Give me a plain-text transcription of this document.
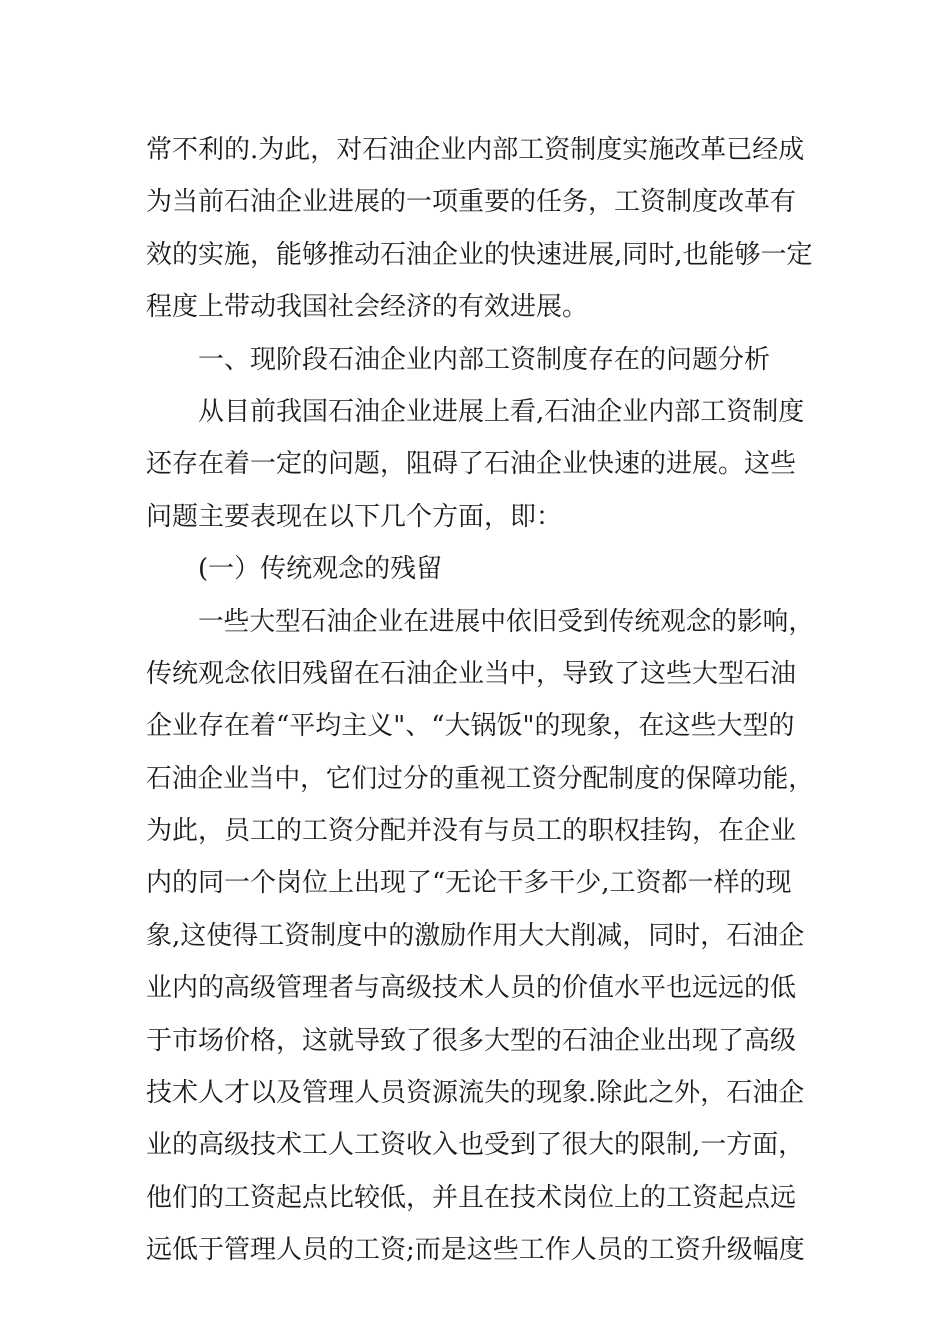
常不利的.为此，对石油企业内部工资制度实施改革已经成

为当前石油企业进展的一项重要的任务，工资制度改革有

效的实施，能够推动石油企业的快速进展,同时,也能够一定

程度上带动我国社会经济的有效进展。

一、现阶段石油企业内部工资制度存在的问题分析

从目前我国石油企业进展上看,石油企业内部工资制度

还存在着一定的问题，阻碍了石油企业快速的进展。这些

问题主要表现在以下几个方面，即：

(一）传统观念的残留

一些大型石油企业在进展中依旧受到传统观念的影响，

传统观念依旧残留在石油企业当中，导致了这些大型石油

企业存在着“平均主义"、“大锅饭"的现象，在这些大型的

石油企业当中，它们过分的重视工资分配制度的保障功能，

为此，员工的工资分配并没有与员工的职权挂钩，在企业

内的同一个岗位上出现了“无论干多干少,工资都一样的现

象,这使得工资制度中的激励作用大大削减，同时，石油企

业内的高级管理者与高级技术人员的价值水平也远远的低

于市场价格，这就导致了很多大型的石油企业出现了高级

技术人才以及管理人员资源流失的现象.除此之外，石油企

业的高级技术工人工资收入也受到了很大的限制,一方面，

他们的工资起点比较低，并且在技术岗位上的工资起点远

远低于管理人员的工资;而是这些工作人员的工资升级幅度
